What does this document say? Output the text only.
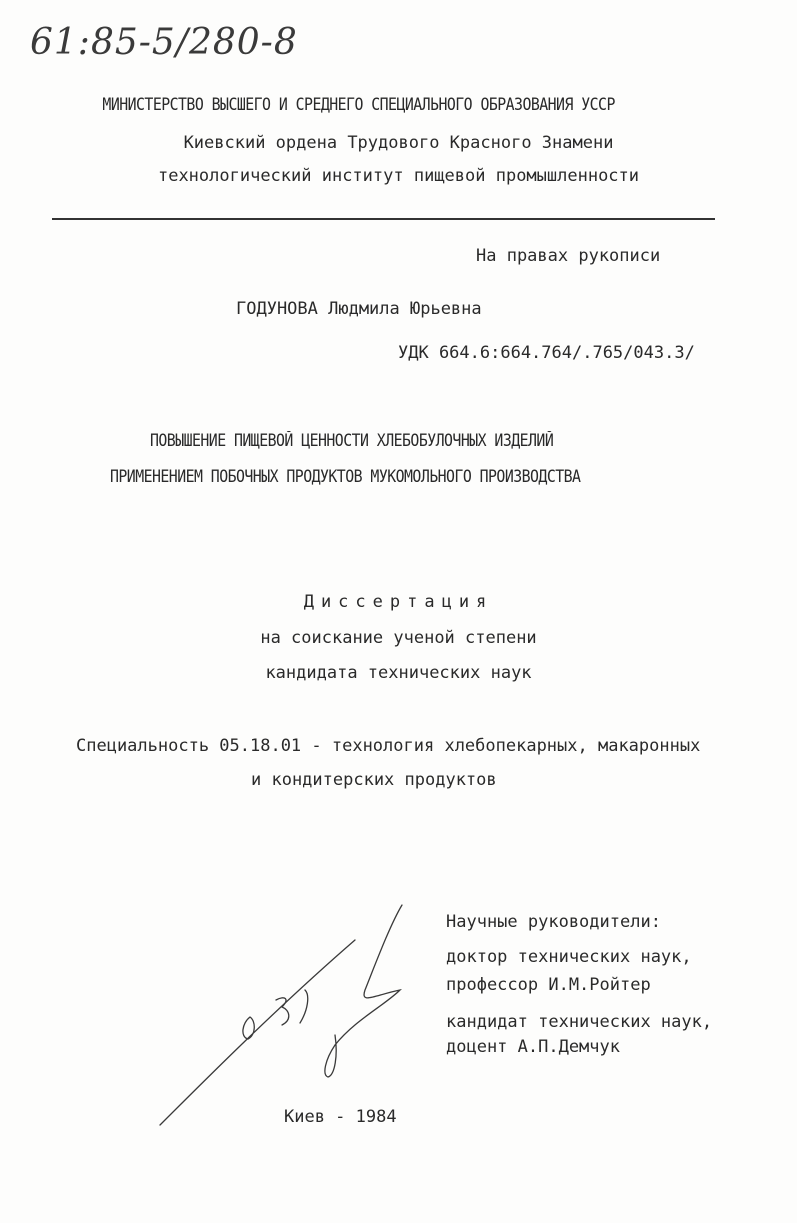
61:85-5/280-8
МИНИСТЕРСТВО ВЫСШЕГО И СРЕДНЕГО СПЕЦИАЛЬНОГО ОБРАЗОВАНИЯ УССР
Киевский ордена Трудового Красного Знамени
технологический институт пищевой промышленности
На правах рукописи
ГОДУНОВА Людмила Юрьевна
УДК 664.6:664.764/.765/043.3/
ПОВЫШЕНИЕ ПИЩЕВОЙ ЦЕННОСТИ ХЛЕБОБУЛОЧНЫХ ИЗДЕЛИЙ
ПРИМЕНЕНИЕМ ПОБОЧНЫХ ПРОДУКТОВ МУКОМОЛЬНОГО ПРОИЗВОДСТВА
Диссертация
на соискание ученой степени
кандидата технических наук
Специальность 05.18.01 - технология хлебопекарных, макаронных
и кондитерских продуктов
Научные руководители:
доктор технических наук,
профессор И.М.Ройтер
кандидат технических наук,
доцент А.П.Демчук
Киев - 1984
